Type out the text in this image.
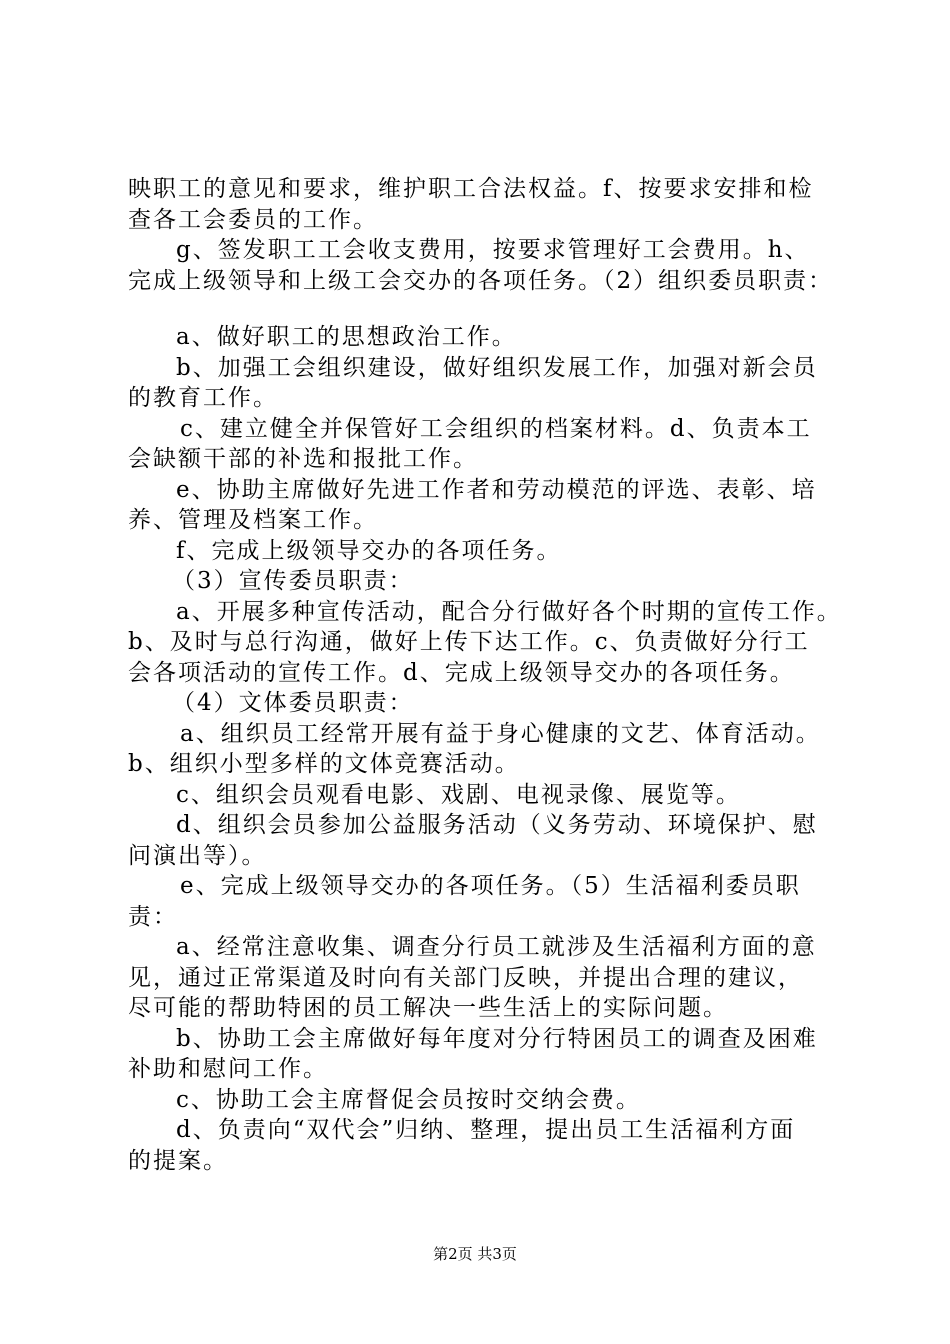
映职工的意见和要求，维护职工合法权益。f、按要求安排和检
查各工会委员的工作。
g、签发职工工会收支费用，按要求管理好工会费用。h、
完成上级领导和上级工会交办的各项任务。（2）组织委员职责：
a、做好职工的思想政治工作。
b、加强工会组织建设，做好组织发展工作，加强对新会员
的教育工作。
c、建立健全并保管好工会组织的档案材料。d、负责本工
会缺额干部的补选和报批工作。
e、协助主席做好先进工作者和劳动模范的评选、表彰、培
养、管理及档案工作。
f、完成上级领导交办的各项任务。
（3）宣传委员职责：
a、开展多种宣传活动，配合分行做好各个时期的宣传工作。
b、及时与总行沟通，做好上传下达工作。c、负责做好分行工
会各项活动的宣传工作。d、完成上级领导交办的各项任务。
（4）文体委员职责：
a、组织员工经常开展有益于身心健康的文艺、体育活动。
b、组织小型多样的文体竞赛活动。
c、组织会员观看电影、戏剧、电视录像、展览等。
d、组织会员参加公益服务活动（义务劳动、环境保护、慰
问演出等）。
e、完成上级领导交办的各项任务。（5）生活福利委员职
责：
a、经常注意收集、调查分行员工就涉及生活福利方面的意
见，通过正常渠道及时向有关部门反映，并提出合理的建议，
尽可能的帮助特困的员工解决一些生活上的实际问题。
b、协助工会主席做好每年度对分行特困员工的调查及困难
补助和慰问工作。
c、协助工会主席督促会员按时交纳会费。
d、负责向“双代会”归纳、整理，提出员工生活福利方面
的提案。
第2页 共3页
